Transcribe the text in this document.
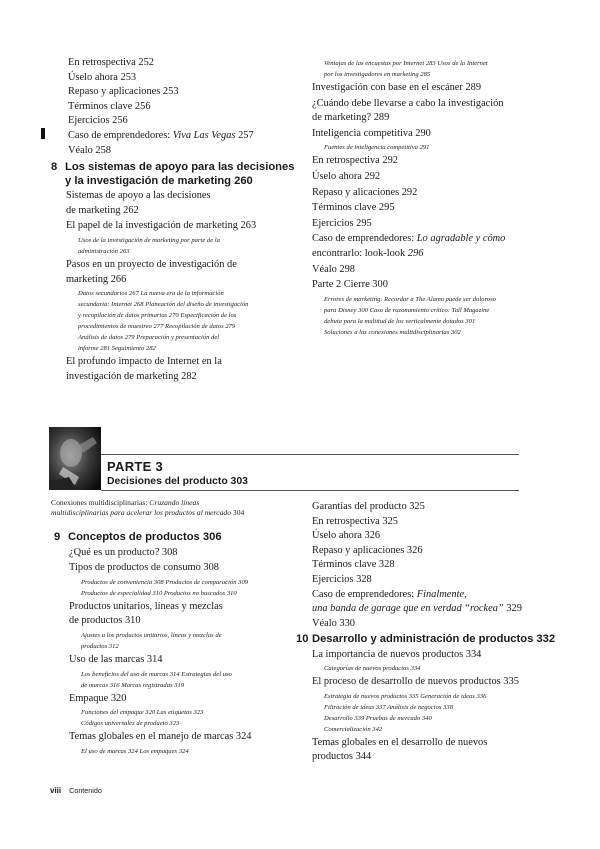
En retrospectiva 252
Úselo ahora 253
Repaso y aplicaciones 253
Términos clave 256
Ejercicios 256
Caso de emprendedores: Viva Las Vegas 257
Véalo 258
8 Los sistemas de apoyo para las decisiones
y la investigación de marketing 260
Sistemas de apoyo a las decisiones
de marketing 262
El papel de la investigación de marketing 263
Usos de la investigación de marketing por parte de la
administración 263
Pasos en un proyecto de investigación de
marketing 266
Datos secundarios 267 La nueva era de la información
secundaria: Internet 268 Planeación del diseño de investigación
y recopilación de datos primarios 270 Especificación de los
procedimientos de muestreo 277 Recopilación de datos 279
Análisis de datos 279 Preparación y presentación del
informe 281 Seguimiento 282
El profundo impacto de Internet en la
investigación de marketing 282
Ventajas de las encuestas por Internet 283 Usos de la Internet
por los investigadores en marketing 285
Investigación con base en el escáner 289
¿Cuándo debe llevarse a cabo la investigación
de marketing? 289
Inteligencia competitiva 290
Fuentes de inteligencia competitiva 291
En retrospectiva 292
Úselo ahora 292
Repaso y alicaciones 292
Términos clave 295
Ejercicios 295
Caso de emprendedores: Lo agradable y cómo
encontrarlo: look-look 296
Véalo 298
Parte 2 Cierre 300
Errores de marketing: Recordar a The Alamo puede ser doloroso
para Disney 300 Caso de razonamiento crítico: Tall Magazine
debuta para la multitud de los verticalmente dotados 301
Soluciones a las conexiones multidisciplinarias 302
PARTE 3
Decisiones del producto 303
Conexiones multidisciplinarias: Cruzando líneas
multidisciplinarias para acelerar los productos al mercado 304
9 Conceptos de productos 306
¿Qué es un producto? 308
Tipos de productos de consumo 308
Productos de conveniencia 308 Productos de comparación 309
Productos de especialidad 310 Productos no buscados 310
Productos unitarios, líneas y mezclas
de productos 310
Ajustes a los productos unitarios, líneas y mezclas de
productos 312
Uso de las marcas 314
Los beneficios del uso de marcas 314 Estrategias del uso
de marcas 316 Marcas registradas 319
Empaque 320
Funciones del empaque 320 Las etiquetas 323
Códigos universales de producto 323
Temas globales en el manejo de marcas 324
El uso de marcas 324 Los empaques 324
Garantías del producto 325
En retrospectiva 325
Úselo ahora 326
Repaso y aplicaciones 326
Términos clave 328
Ejercicios 328
Caso de emprendedores: Finalmente,
una banda de garage que en verdad “rockea” 329
Véalo 330
10 Desarrollo y administración de productos 332
La importancia de nuevos productos 334
Categorías de nuevos productos 334
El proceso de desarrollo de nuevos productos 335
Estrategia de nuevos productos 335 Generación de ideas 336
Filtración de ideas 337 Análisis de negocios 338
Desarrollo 339 Pruebas de mercado 340
Comercialización 342
Temas globales en el desarrollo de nuevos
productos 344
viii Contenido
